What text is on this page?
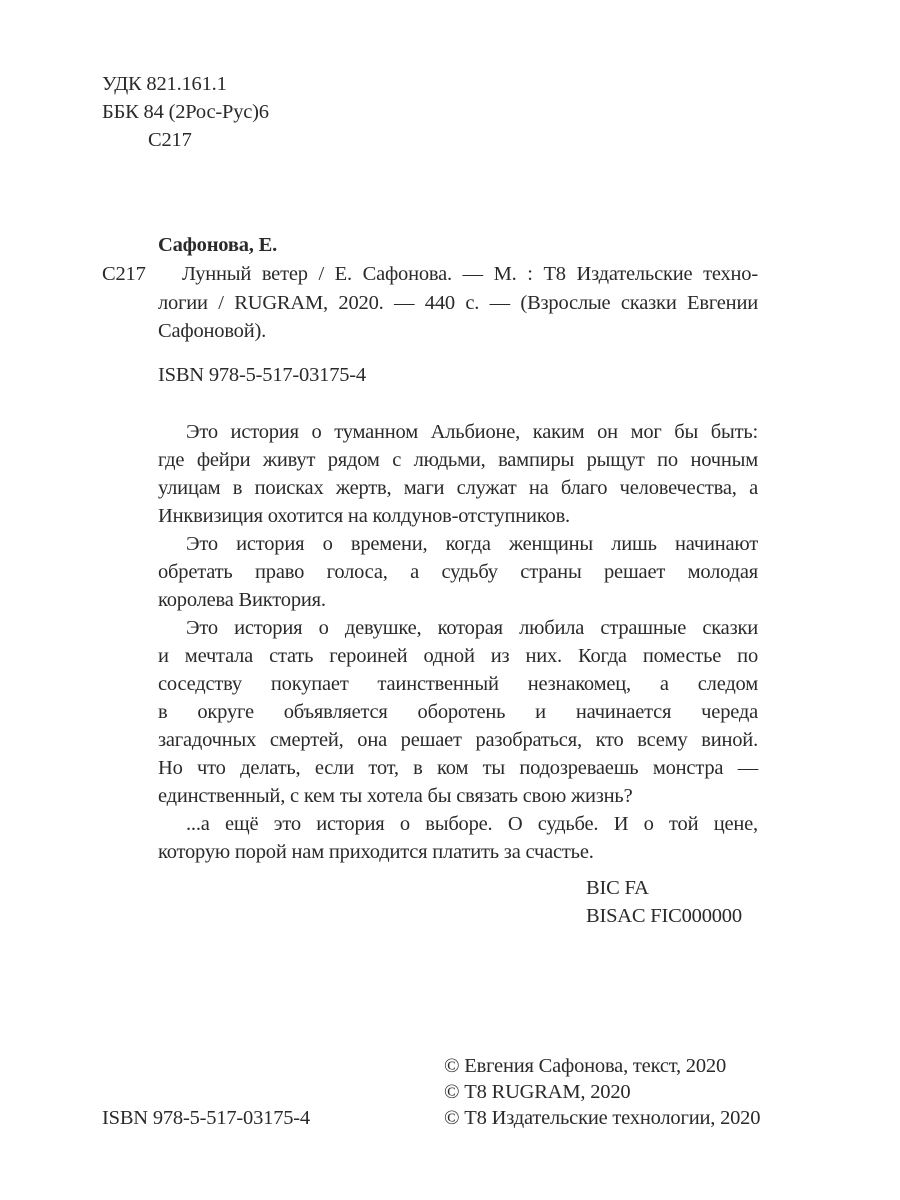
УДК 821.161.1
ББК 84 (2Рос-Рус)6
С217
Сафонова, Е.
С217 Лунный ветер / Е. Сафонова. — М. : Т8 Издательские техно-
логии / RUGRAM, 2020. — 440 с. — (Взрослые сказки Евгении
Сафоновой).
ISBN 978-5-517-03175-4
Это история о туманном Альбионе, каким он мог бы быть:
где фейри живут рядом с людьми, вампиры рыщут по ночным
улицам в поисках жертв, маги служат на благо человечества, а
Инквизиция охотится на колдунов-отступников.
Это история о времени, когда женщины лишь начинают
обретать право голоса, а судьбу страны решает молодая
королева Виктория.
Это история о девушке, которая любила страшные сказки
и мечтала стать героиней одной из них. Когда поместье по
соседству покупает таинственный незнакомец, а следом
в округе объявляется оборотень и начинается череда
загадочных смертей, она решает разобраться, кто всему виной.
Но что делать, если тот, в ком ты подозреваешь монстра —
единственный, с кем ты хотела бы связать свою жизнь?
...а ещё это история о выборе. О судьбе. И о той цене,
которую порой нам приходится платить за счастье.
BIC FA
BISAC FIC000000
© Евгения Сафонова, текст, 2020
© Т8 RUGRAM, 2020
ISBN 978-5-517-03175-4	© Т8 Издательские технологии, 2020
